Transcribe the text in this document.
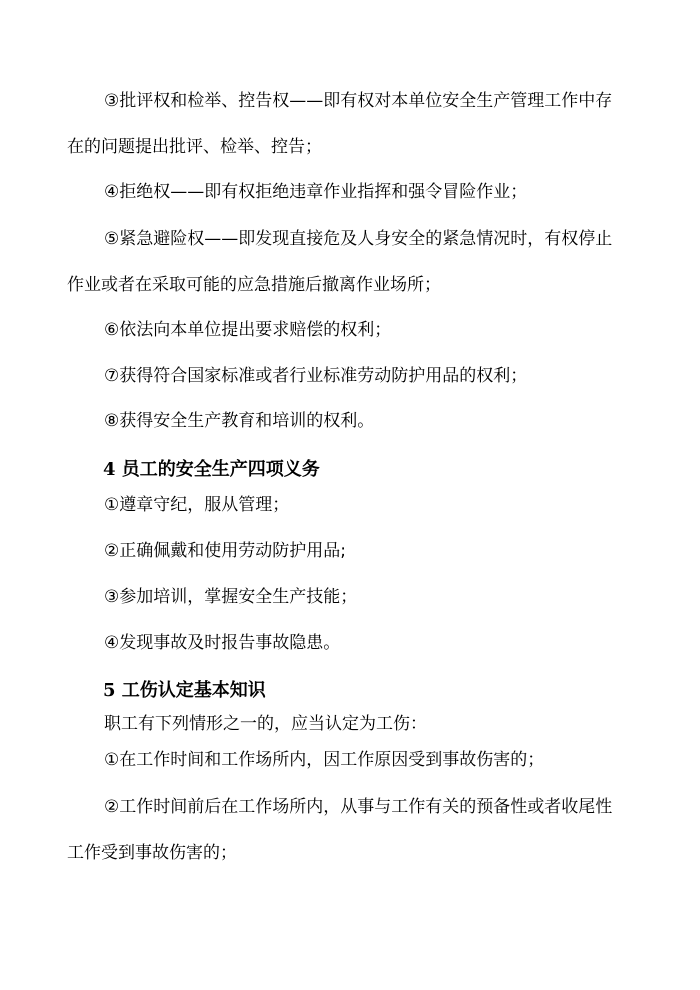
③批评权和检举、控告权——即有权对本单位安全生产管理工作中存
在的问题提出批评、检举、控告；
④拒绝权——即有权拒绝违章作业指挥和强令冒险作业；
⑤紧急避险权——即发现直接危及人身安全的紧急情况时，有权停止
作业或者在采取可能的应急措施后撤离作业场所；
⑥依法向本单位提出要求赔偿的权利；
⑦获得符合国家标准或者行业标准劳动防护用品的权利；
⑧获得安全生产教育和培训的权利。
4 员工的安全生产四项义务
①遵章守纪，服从管理；
②正确佩戴和使用劳动防护用品;
③参加培训，掌握安全生产技能；
④发现事故及时报告事故隐患。
5 工伤认定基本知识
职工有下列情形之一的，应当认定为工伤：
①在工作时间和工作场所内，因工作原因受到事故伤害的；
②工作时间前后在工作场所内，从事与工作有关的预备性或者收尾性
工作受到事故伤害的；
